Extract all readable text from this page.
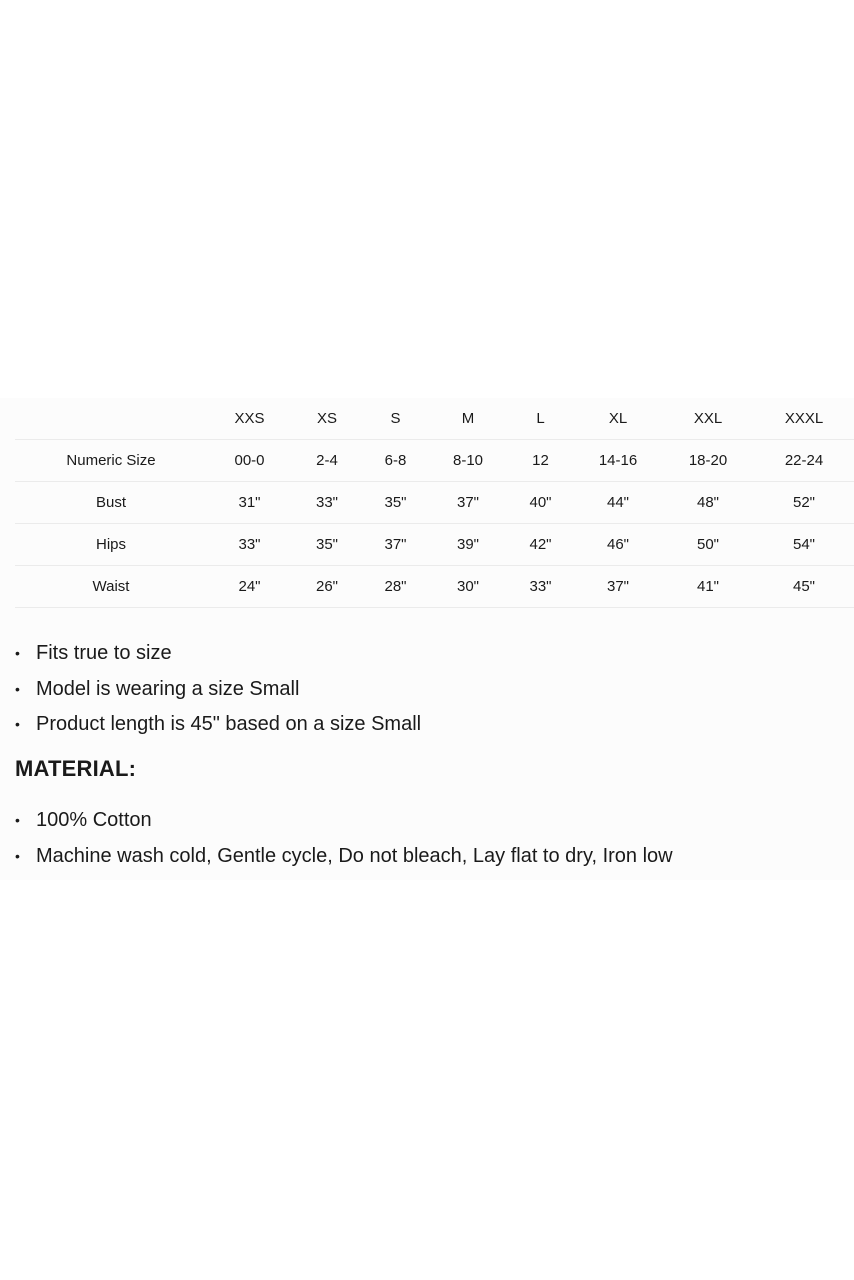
	XXS	XS	S	M	L	XL	XXL	XXXL
Numeric Size	00-0	2-4	6-8	8-10	12	14-16	18-20	22-24
Bust	31"	33"	35"	37"	40"	44"	48"	52"
Hips	33"	35"	37"	39"	42"	46"	50"	54"
Waist	24"	26"	28"	30"	33"	37"	41"	45"
• Fits true to size
• Model is wearing a size Small
• Product length is 45" based on a size Small
MATERIAL:
• 100% Cotton
• Machine wash cold, Gentle cycle, Do not bleach, Lay flat to dry, Iron low
